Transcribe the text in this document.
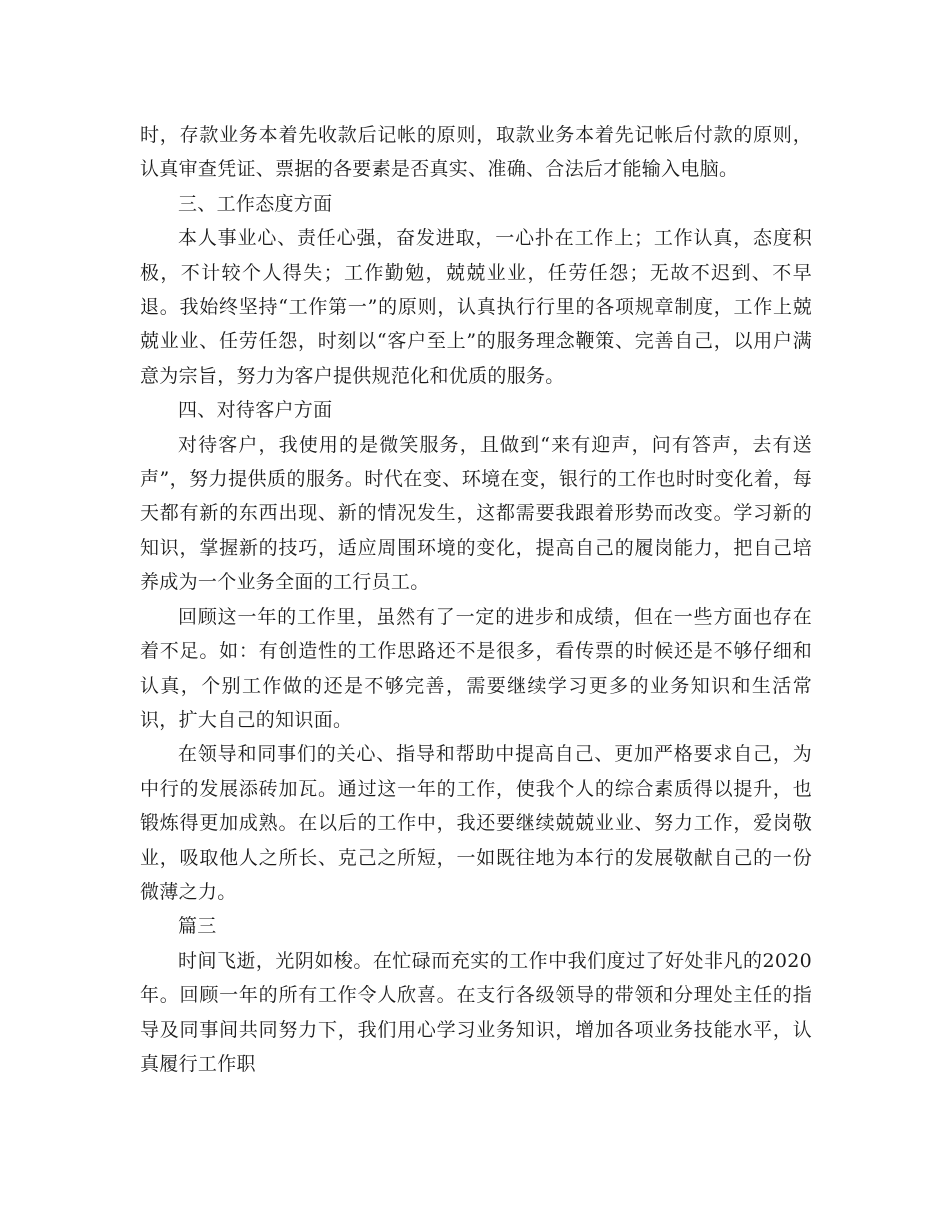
时，存款业务本着先收款后记帐的原则，取款业务本着先记帐后付款的原则，认真审查凭证、票据的各要素是否真实、准确、合法后才能输入电脑。

三、工作态度方面

本人事业心、责任心强，奋发进取，一心扑在工作上；工作认真，态度积极，不计较个人得失；工作勤勉，兢兢业业，任劳任怨；无故不迟到、不早退。我始终坚持“工作第一”的原则，认真执行行里的各项规章制度，工作上兢兢业业、任劳任怨，时刻以“客户至上”的服务理念鞭策、完善自己，以用户满意为宗旨，努力为客户提供规范化和优质的服务。

四、对待客户方面

对待客户，我使用的是微笑服务，且做到“来有迎声，问有答声，去有送声”，努力提供质的服务。时代在变、环境在变，银行的工作也时时变化着，每天都有新的东西出现、新的情况发生，这都需要我跟着形势而改变。学习新的知识，掌握新的技巧，适应周围环境的变化，提高自己的履岗能力，把自己培养成为一个业务全面的工行员工。

回顾这一年的工作里，虽然有了一定的进步和成绩，但在一些方面也存在着不足。如：有创造性的工作思路还不是很多，看传票的时候还是不够仔细和认真，个别工作做的还是不够完善，需要继续学习更多的业务知识和生活常识，扩大自己的知识面。

在领导和同事们的关心、指导和帮助中提高自己、更加严格要求自己，为中行的发展添砖加瓦。通过这一年的工作，使我个人的综合素质得以提升，也锻炼得更加成熟。在以后的工作中，我还要继续兢兢业业、努力工作，爱岗敬业，吸取他人之所长、克己之所短，一如既往地为本行的发展敬献自己的一份微薄之力。

篇三

时间飞逝，光阴如梭。在忙碌而充实的工作中我们度过了好处非凡的2020年。回顾一年的所有工作令人欣喜。在支行各级领导的带领和分理处主任的指导及同事间共同努力下，我们用心学习业务知识，增加各项业务技能水平，认真履行工作职
